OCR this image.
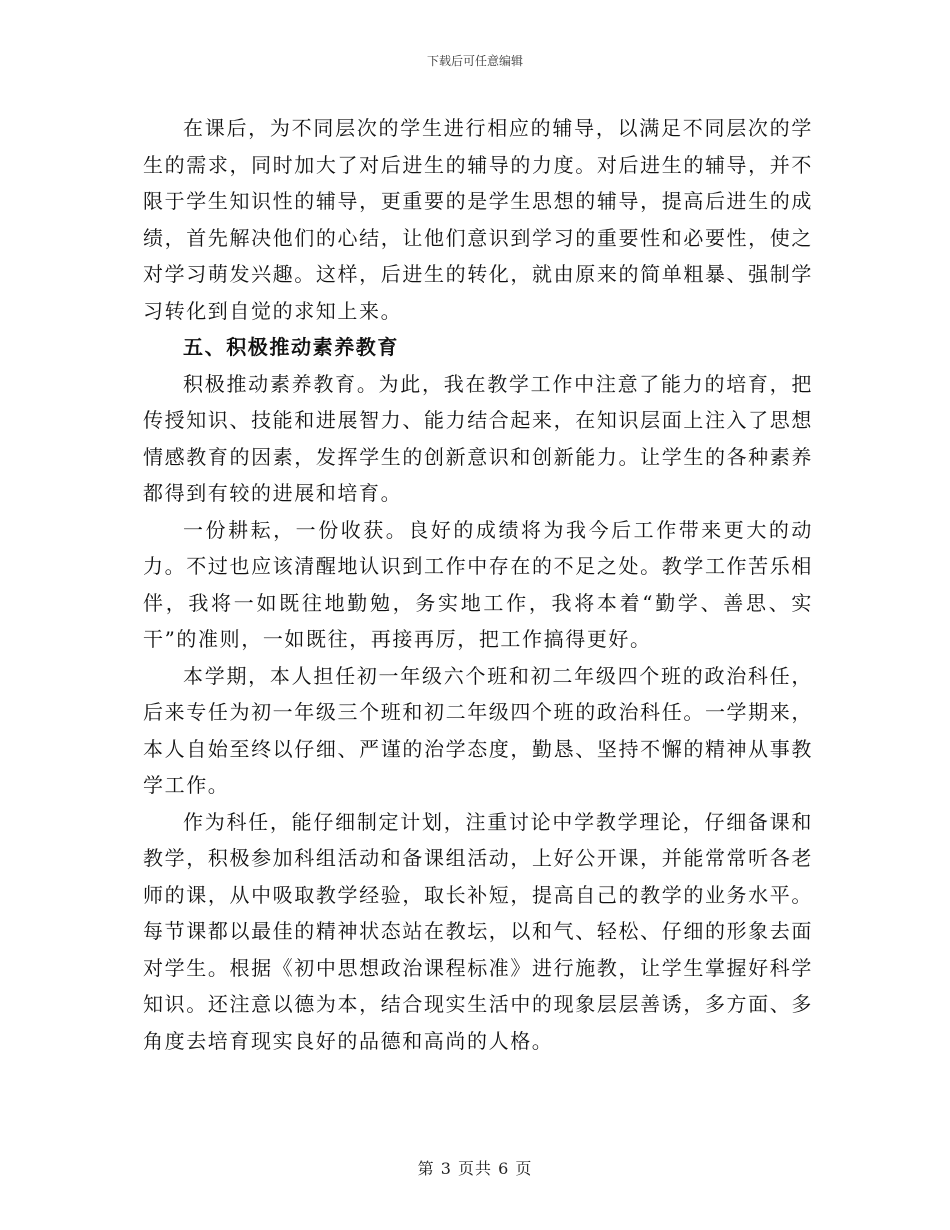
下载后可任意编辑

在课后，为不同层次的学生进行相应的辅导，以满足不同层次的学生的需求，同时加大了对后进生的辅导的力度。对后进生的辅导，并不限于学生知识性的辅导，更重要的是学生思想的辅导，提高后进生的成绩，首先解决他们的心结，让他们意识到学习的重要性和必要性，使之对学习萌发兴趣。这样，后进生的转化，就由原来的简单粗暴、强制学习转化到自觉的求知上来。

五、积极推动素养教育

积极推动素养教育。为此，我在教学工作中注意了能力的培育，把传授知识、技能和进展智力、能力结合起来，在知识层面上注入了思想情感教育的因素，发挥学生的创新意识和创新能力。让学生的各种素养都得到有较的进展和培育。

一份耕耘，一份收获。良好的成绩将为我今后工作带来更大的动力。不过也应该清醒地认识到工作中存在的不足之处。教学工作苦乐相伴，我将一如既往地勤勉，务实地工作，我将本着“勤学、善思、实干”的准则，一如既往，再接再厉，把工作搞得更好。

本学期，本人担任初一年级六个班和初二年级四个班的政治科任，后来专任为初一年级三个班和初二年级四个班的政治科任。一学期来，本人自始至终以仔细、严谨的治学态度，勤恳、坚持不懈的精神从事教学工作。

作为科任，能仔细制定计划，注重讨论中学教学理论，仔细备课和教学，积极参加科组活动和备课组活动，上好公开课，并能常常听各老师的课，从中吸取教学经验，取长补短，提高自己的教学的业务水平。每节课都以最佳的精神状态站在教坛，以和气、轻松、仔细的形象去面对学生。根据《初中思想政治课程标准》进行施教，让学生掌握好科学知识。还注意以德为本，结合现实生活中的现象层层善诱，多方面、多角度去培育现实良好的品德和高尚的人格。

第 3 页共 6 页
